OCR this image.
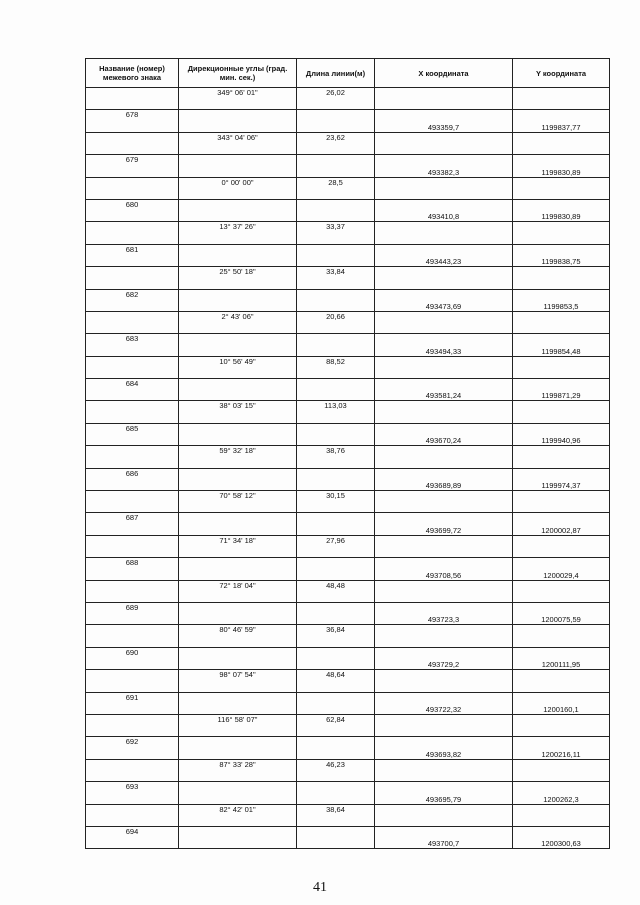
Название (номер) межевого знака	Дирекционные углы (град. мин. сек.)	Длина линии(м)	X координата	Y координата
	349° 06' 01"	26,02		
678			493359,7	1199837,77
	343° 04' 06"	23,62		
679			493382,3	1199830,89
	0° 00' 00"	28,5		
680			493410,8	1199830,89
	13° 37' 26"	33,37		
681			493443,23	1199838,75
	25° 50' 18"	33,84		
682			493473,69	1199853,5
	2° 43' 06"	20,66		
683			493494,33	1199854,48
	10° 56' 49"	88,52		
684			493581,24	1199871,29
	38° 03' 15"	113,03		
685			493670,24	1199940,96
	59° 32' 18"	38,76		
686			493689,89	1199974,37
	70° 58' 12"	30,15		
687			493699,72	1200002,87
	71° 34' 18"	27,96		
688			493708,56	1200029,4
	72° 18' 04"	48,48		
689			493723,3	1200075,59
	80° 46' 59"	36,84		
690			493729,2	1200111,95
	98° 07' 54"	48,64		
691			493722,32	1200160,1
	116° 58' 07"	62,84		
692			493693,82	1200216,11
	87° 33' 28"	46,23		
693			493695,79	1200262,3
	82° 42' 01"	38,64		
694			493700,7	1200300,63
41
